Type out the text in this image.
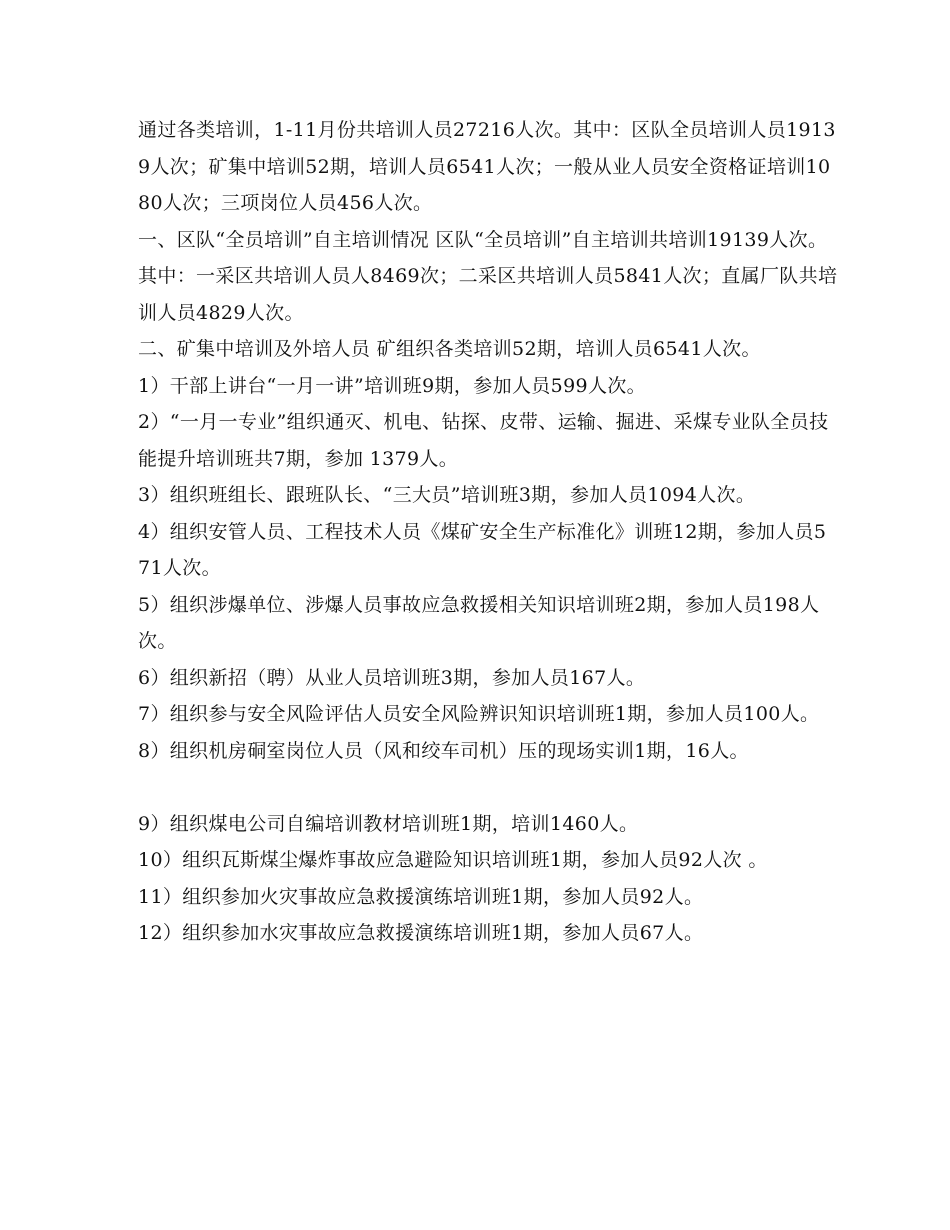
通过各类培训，1-11月份共培训人员27216人次。其中：区队全员培训人员19139人次；矿集中培训52期，培训人员6541人次；一般从业人员安全资格证培训1080人次；三项岗位人员456人次。

一、区队“全员培训”自主培训情况 区队“全员培训”自主培训共培训19139人次。

其中：一采区共培训人员人8469次；二采区共培训人员5841人次；直属厂队共培训人员4829人次。

二、矿集中培训及外培人员 矿组织各类培训52期，培训人员6541人次。

1）干部上讲台“一月一讲”培训班9期，参加人员599人次。

2）“一月一专业”组织通灭、机电、钻探、皮带、运输、掘进、采煤专业队全员技能提升培训班共7期，参加 1379人。

3）组织班组长、跟班队长、“三大员”培训班3期，参加人员1094人次。

4）组织安管人员、工程技术人员《煤矿安全生产标准化》训班12期，参加人员571人次。

5）组织涉爆单位、涉爆人员事故应急救援相关知识培训班2期，参加人员198人次。

6）组织新招（聘）从业人员培训班3期，参加人员167人。

7）组织参与安全风险评估人员安全风险辨识知识培训班1期，参加人员100人。

8）组织机房硐室岗位人员（风和绞车司机）压的现场实训1期，16人。

9）组织煤电公司自编培训教材培训班1期，培训1460人。

10）组织瓦斯煤尘爆炸事故应急避险知识培训班1期，参加人员92人次 。

11）组织参加火灾事故应急救援演练培训班1期，参加人员92人。

12）组织参加水灾事故应急救援演练培训班1期，参加人员67人。
